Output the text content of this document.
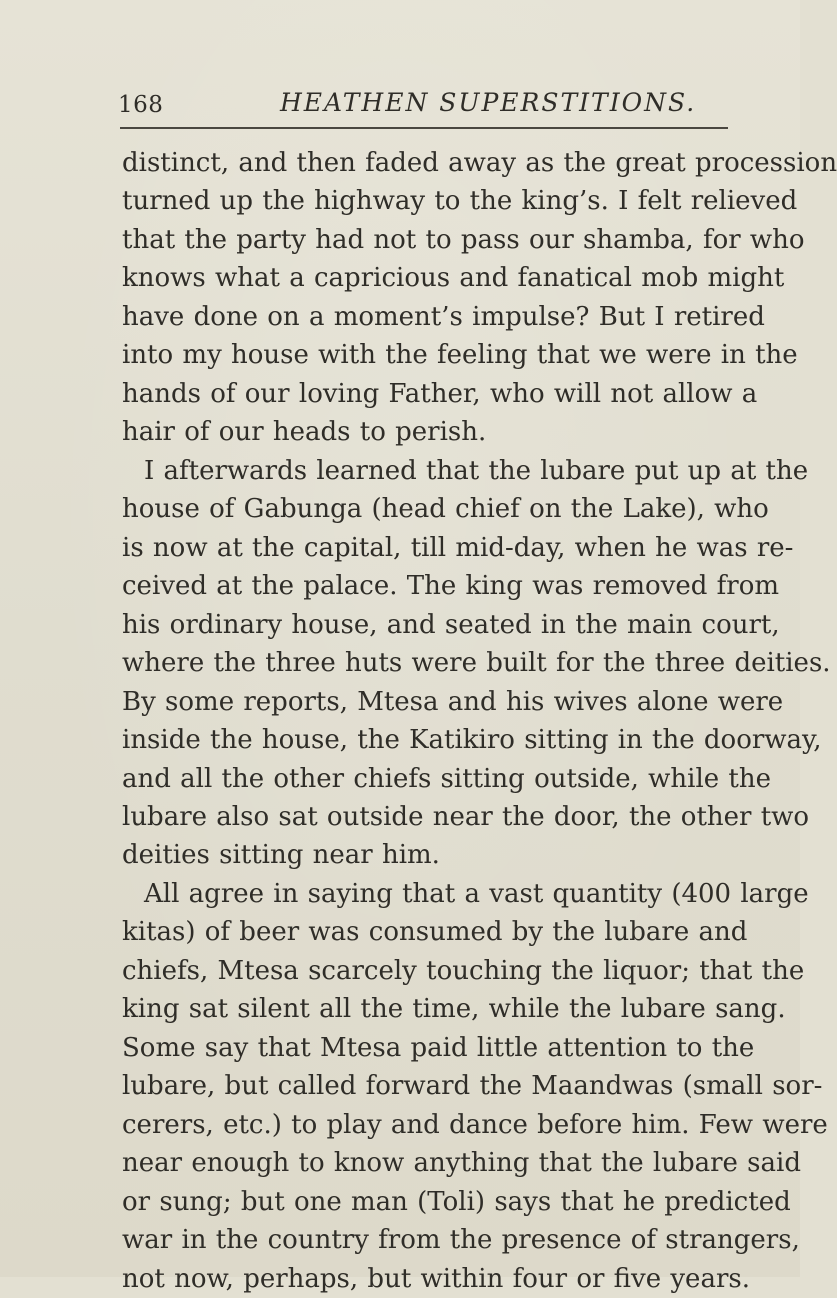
168	HEATHEN SUPERSTITIONS.
distinct, and then faded away as the great procession
turned up the highway to the king’s. I felt relieved
that the party had not to pass our shamba, for who
knows what a capricious and fanatical mob might
have done on a moment’s impulse? But I retired
into my house with the feeling that we were in the
hands of our loving Father, who will not allow a
hair of our heads to perish.
I afterwards learned that the lubare put up at the
house of Gabunga (head chief on the Lake), who
is now at the capital, till mid-day, when he was re-
ceived at the palace. The king was removed from
his ordinary house, and seated in the main court,
where the three huts were built for the three deities.
By some reports, Mtesa and his wives alone were
inside the house, the Katikiro sitting in the doorway,
and all the other chiefs sitting outside, while the
lubare also sat outside near the door, the other two
deities sitting near him.
All agree in saying that a vast quantity (400 large
kitas) of beer was consumed by the lubare and
chiefs, Mtesa scarcely touching the liquor; that the
king sat silent all the time, while the lubare sang.
Some say that Mtesa paid little attention to the
lubare, but called forward the Maandwas (small sor-
cerers, etc.) to play and dance before him. Few were
near enough to know anything that the lubare said
or sung; but one man (Toli) says that he predicted
war in the country from the presence of strangers,
not now, perhaps, but within four or five years.
